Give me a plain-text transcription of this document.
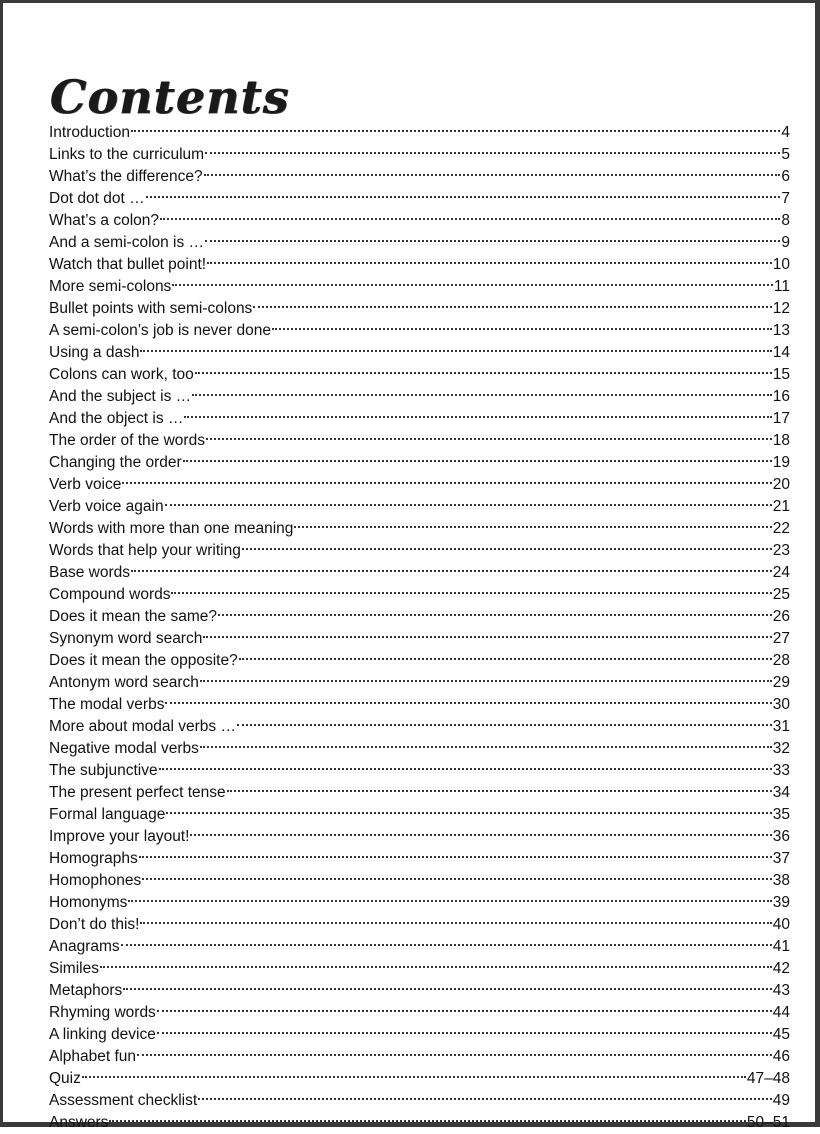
Contents
Introduction	4
Links to the curriculum	5
What’s the difference?	6
Dot dot dot …	7
What’s a colon?	8
And a semi-colon is …	9
Watch that bullet point!	10
More semi-colons	11
Bullet points with semi-colons	12
A semi-colon’s job is never done	13
Using a dash	14
Colons can work, too	15
And the subject is …	16
And the object is …	17
The order of the words	18
Changing the order	19
Verb voice	20
Verb voice again	21
Words with more than one meaning	22
Words that help your writing	23
Base words	24
Compound words	25
Does it mean the same?	26
Synonym word search	27
Does it mean the opposite?	28
Antonym word search	29
The modal verbs	30
More about modal verbs …	31
Negative modal verbs	32
The subjunctive	33
The present perfect tense	34
Formal language	35
Improve your layout!	36
Homographs	37
Homophones	38
Homonyms	39
Don’t do this!	40
Anagrams	41
Similes	42
Metaphors	43
Rhyming words	44
A linking device	45
Alphabet fun	46
Quiz	47–48
Assessment checklist	49
Answers	50–51
